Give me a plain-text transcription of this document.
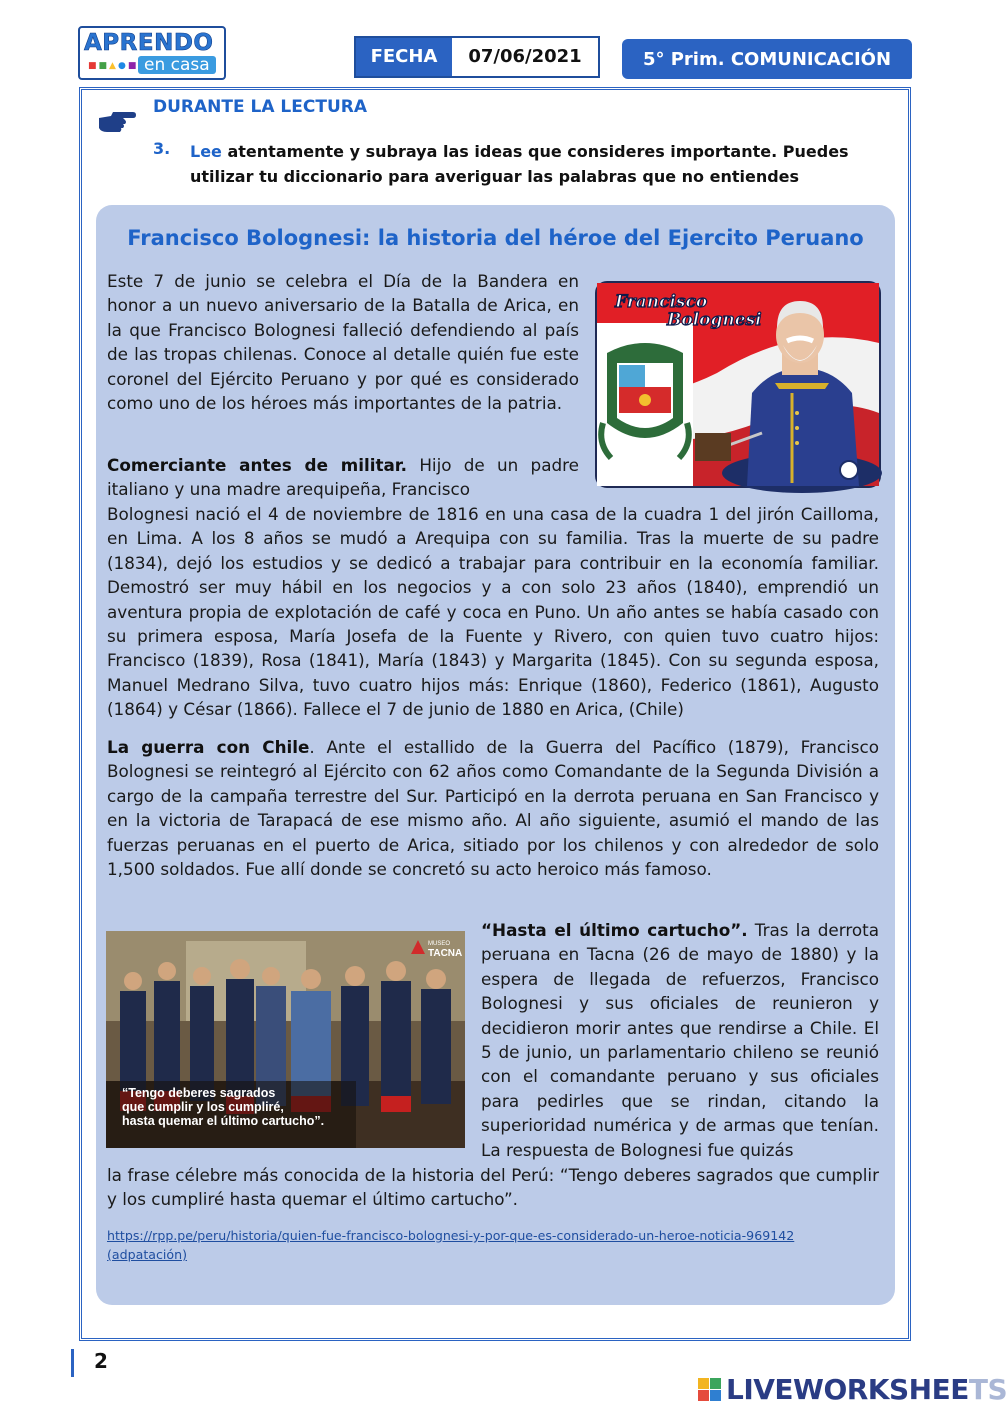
APRENDO
■■▲●■ en casa	FECHA	07/06/2021	5° Prim. COMUNICACIÓN
DURANTE LA LECTURA
3. Lee atentamente y subraya las ideas que consideres importante. Puedes utilizar tu diccionario para averiguar las palabras que no entiendes
Francisco Bolognesi: la historia del héroe del Ejercito Peruano
Este 7 de junio se celebra el Día de la Bandera en honor a un nuevo aniversario de la Batalla de Arica, en la que Francisco Bolognesi falleció defendiendo al país de las tropas chilenas. Conoce al detalle quién fue este coronel del Ejército Peruano y por qué es considerado como uno de los héroes más importantes de la patria.
Francisco
Bolognesi
Comerciante antes de militar. Hijo de un padre italiano y una madre arequipeña, Francisco
Bolognesi nació el 4 de noviembre de 1816 en una casa de la cuadra 1 del jirón Cailloma, en Lima. A los 8 años se mudó a Arequipa con su familia. Tras la muerte de su padre (1834), dejó los estudios y se dedicó a trabajar para contribuir en la economía familiar. Demostró ser muy hábil en los negocios y a con solo 23 años (1840), emprendió un aventura propia de explotación de café y coca en Puno. Un año antes se había casado con su primera esposa, María Josefa de la Fuente y Rivero, con quien tuvo cuatro hijos: Francisco (1839), Rosa (1841), María (1843) y Margarita (1845). Con su segunda esposa, Manuel Medrano Silva, tuvo cuatro hijos más: Enrique (1860), Federico (1861), Augusto (1864) y César (1866). Fallece el 7 de junio de 1880 en Arica, (Chile)
La guerra con Chile. Ante el estallido de la Guerra del Pacífico (1879), Francisco Bolognesi se reintegró al Ejército con 62 años como Comandante de la Segunda División a cargo de la campaña terrestre del Sur. Participó en la derrota peruana en San Francisco y en la victoria de Tarapacá de ese mismo año. Al año siguiente, asumió el mando de las fuerzas peruanas en el puerto de Arica, sitiado por los chilenos y con alrededor de solo 1,500 soldados. Fue allí donde se concretó su acto heroico más famoso.
MUSEO
TACNA
“Tengo deberes sagrados
que cumplir y los cumpliré,
hasta quemar el último cartucho”.
“Hasta el último cartucho”. Tras la derrota peruana en Tacna (26 de mayo de 1880) y la espera de llegada de refuerzos, Francisco Bolognesi y sus oficiales de reunieron y decidieron morir antes que rendirse a Chile. El 5 de junio, un parlamentario chileno se reunió con el comandante peruano y sus oficiales para pedirles que se rindan, citando la superioridad numérica y de armas que tenían. La respuesta de Bolognesi fue quizás
la frase célebre más conocida de la historia del Perú: “Tengo deberes sagrados que cumplir y los cumpliré hasta quemar el último cartucho”.
https://rpp.pe/peru/historia/quien-fue-francisco-bolognesi-y-por-que-es-considerado-un-heroe-noticia-969142
(adpatación)
2
LIVEWORKSHEETS
